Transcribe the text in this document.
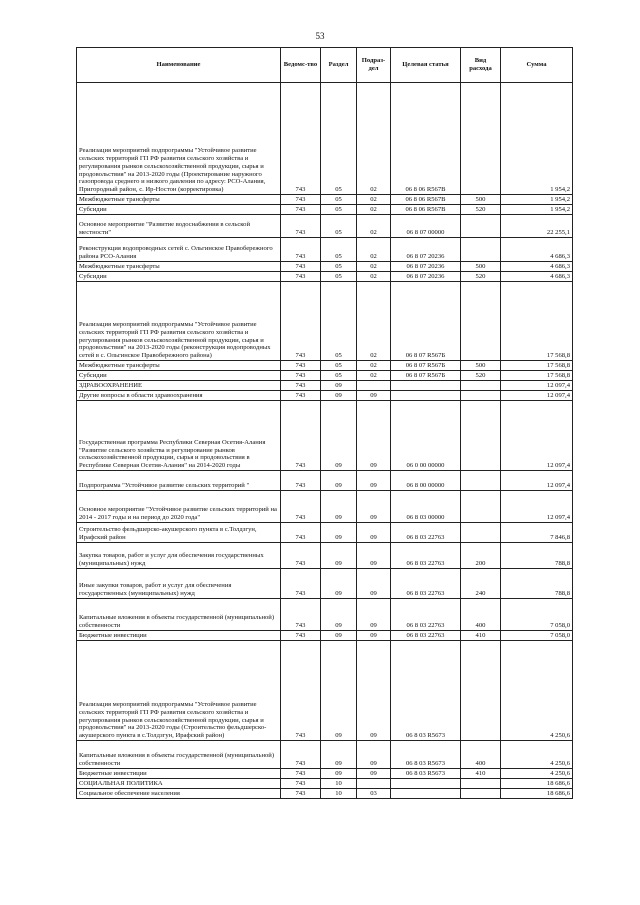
53
Наименование	Ведомс-тво	Раздел	Подраз-дел	Целевая статья	Вид расхода	Сумма
Реализация мероприятий подпрограммы "Устойчивое развитие сельских территорий ГП РФ развития сельского хозяйства и регулирования рынков сельскохозяйственной продукции, сырья и продовольствия" на 2013-2020 годы (Проектирование наружного газопровода среднего и низкого давления по адресу: РСО-Алания, Пригородный район, с. Ир-Ностон (корректировка)	743	05	02	06 8 06 R567В		1 954,2
Межбюджетные трансферты	743	05	02	06 8 06 R567В	500	1 954,2
Субсидии	743	05	02	06 8 06 R567В	520	1 954,2
Основное мероприятие "Развитие водоснабжения в сельской местности"	743	05	02	06 8 07 00000		22 255,1
Реконструкция водопроводных сетей с. Ольгинское Правобережного района РСО-Алания	743	05	02	06 8 07 20236		4 686,3
Межбюджетные трансферты	743	05	02	06 8 07 20236	500	4 686,3
Субсидии	743	05	02	06 8 07 20236	520	4 686,3
Реализация мероприятий подпрограммы "Устойчивое развитие сельских территорий ГП РФ развития сельского хозяйства и регулирования рынков сельскохозяйственной продукции, сырья и продовольствия" на 2013-2020 годы (реконструкция водопроводных сетей в с. Ольгинское Правобережного района)	743	05	02	06 8 07 R567Б		17 568,8
Межбюджетные трансферты	743	05	02	06 8 07 R567Б	500	17 568,8
Субсидии	743	05	02	06 8 07 R567Б	520	17 568,8
ЗДРАВООХРАНЕНИЕ	743	09				12 097,4
Другие вопросы в области здравоохранения	743	09	09			12 097,4
Государственная программа Республики Северная Осетия-Алания "Развитие сельского хозяйства и регулирование рынков сельскохозяйственной продукции, сырья и продовольствия в Республике Северная Осетия-Алания" на 2014-2020 годы	743	09	09	06 0 00 00000		12 097,4
Подпрограмма "Устойчивое развитие сельских территорий "	743	09	09	06 8 00 00000		12 097,4
Основное мероприятие "Устойчивое развитие сельских территорий на 2014 - 2017 годы и на период до 2020 года"	743	09	09	06 8 03 00000		12 097,4
Строительство фельдшерско-акушерского пункта в с.Толдзгун, Ирафский район	743	09	09	06 8 03 22763		7 846,8
Закупка товаров, работ и услуг для обеспечения государственных (муниципальных) нужд	743	09	09	06 8 03 22763	200	788,8
Иные закупки товаров, работ и услуг для обеспечения государственных (муниципальных) нужд	743	09	09	06 8 03 22763	240	788,8
Капитальные вложения в объекты государственной (муниципальной) собственности	743	09	09	06 8 03 22763	400	7 058,0
Бюджетные инвестиции	743	09	09	06 8 03 22763	410	7 058,0
Реализация мероприятий подпрограммы "Устойчивое развитие сельских территорий ГП РФ развития сельского хозяйства и регулирования рынков сельскохозяйственной продукции, сырья и продовольствия" на 2013-2020 годы (Строительство фельдшерско-акушерского пункта в с.Толдзгун, Ирафский район)	743	09	09	06 8 03 R5673		4 250,6
Капитальные вложения в объекты государственной (муниципальной) собственности	743	09	09	06 8 03 R5673	400	4 250,6
Бюджетные инвестиции	743	09	09	06 8 03 R5673	410	4 250,6
СОЦИАЛЬНАЯ ПОЛИТИКА	743	10				18 686,6
Социальное обеспечение населения	743	10	03			18 686,6
